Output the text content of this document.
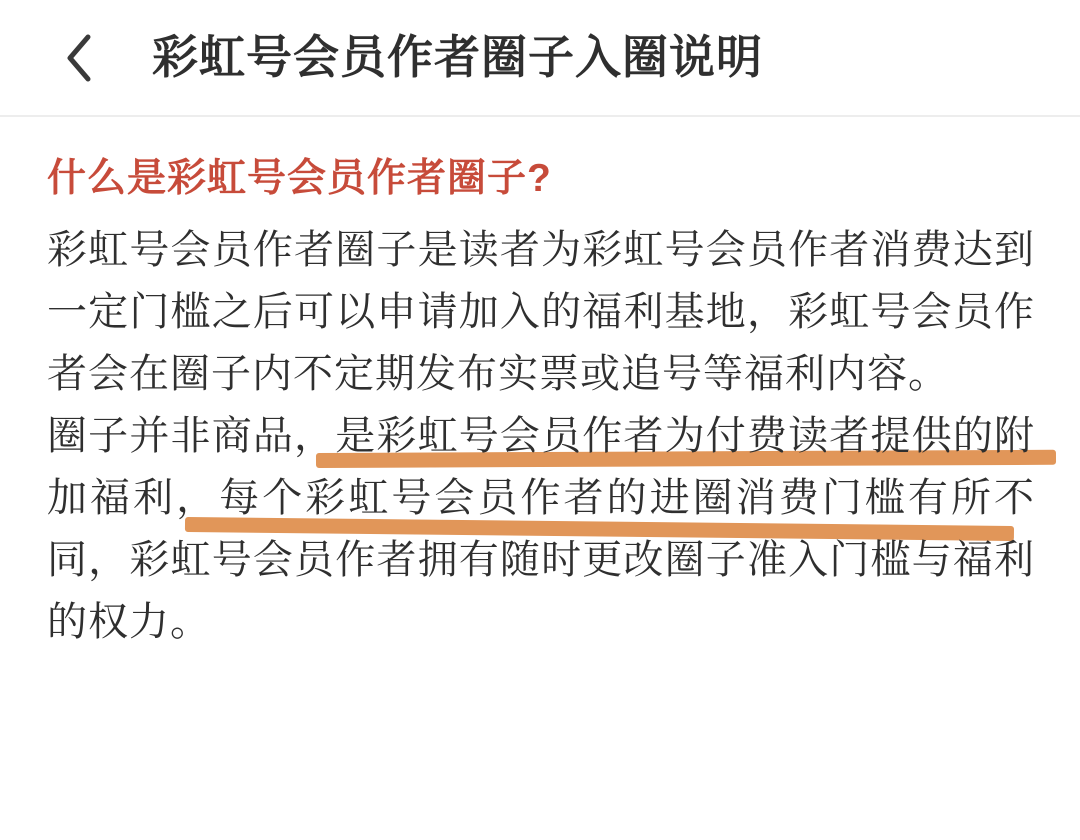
彩虹号会员作者圈子入圈说明
什么是彩虹号会员作者圈子?

彩虹号会员作者圈子是读者为彩虹号会员作者消费达到

一定门槛之后可以申请加入的福利基地，彩虹号会员作

者会在圈子内不定期发布实票或追号等福利内容。

圈子并非商品，是彩虹号会员作者为付费读者提供的附

加福利，每个彩虹号会员作者的进圈消费门槛有所不

同，彩虹号会员作者拥有随时更改圈子准入门槛与福利

的权力。
